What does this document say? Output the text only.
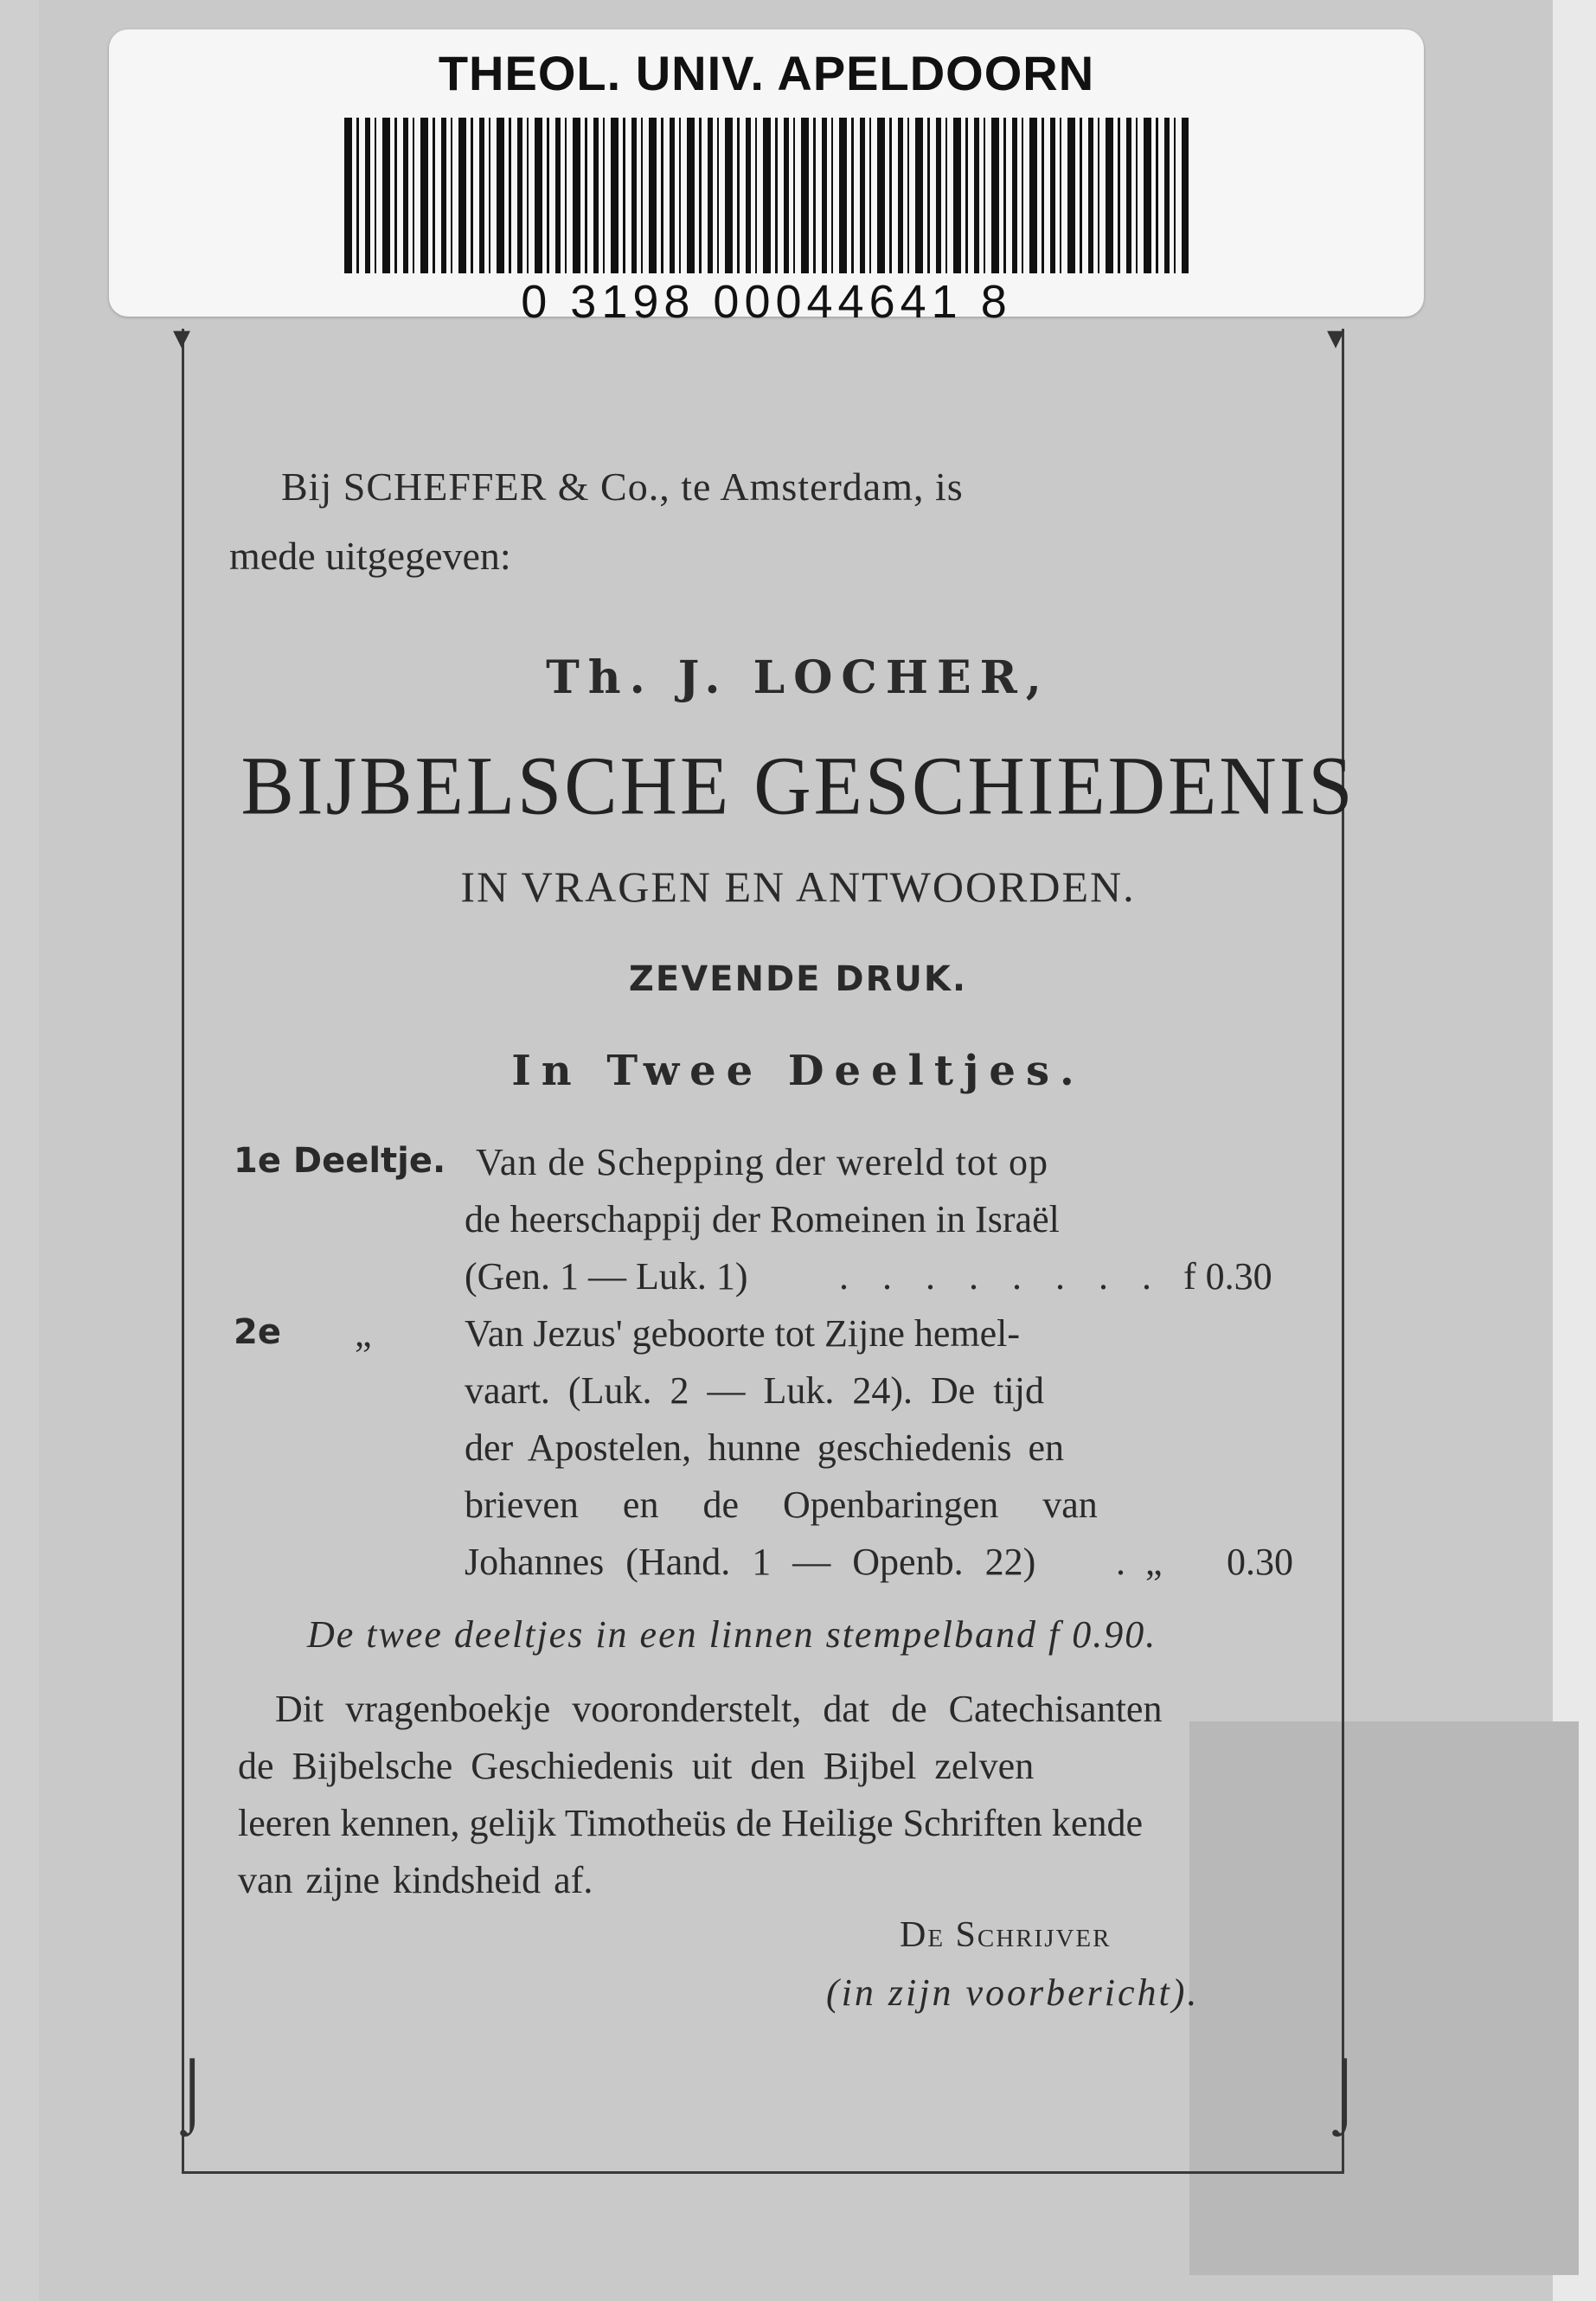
THEOL. UNIV. APELDOORN
0 3198 00044641 8
⌡	⌡
▾	▾
Bij SCHEFFER & Co., te Amsterdam, is
mede uitgegeven:
Th. J. LOCHER,
BIJBELSCHE GESCHIEDENIS
IN VRAGEN EN ANTWOORDEN.
ZEVENDE DRUK.
In Twee Deeltjes.
1e Deeltje. Van de Schepping der wereld tot op
de heerschappij der Romeinen in Israël
(Gen. 1 — Luk. 1) . . . . . . . . f 0.30
2e „ Van Jezus' geboorte tot Zijne hemel-
vaart. (Luk. 2 — Luk. 24). De tijd
der Apostelen, hunne geschiedenis en
brieven en de Openbaringen van
Johannes (Hand. 1 — Openb. 22) . „ 0.30
De twee deeltjes in een linnen stempelband f 0.90.
Dit vragenboekje vooronderstelt, dat de Catechisanten
de Bijbelsche Geschiedenis uit den Bijbel zelven
leeren kennen, gelijk Timotheüs de Heilige Schriften kende
van zijne kindsheid af.
De Schrijver
(in zijn voorbericht).
